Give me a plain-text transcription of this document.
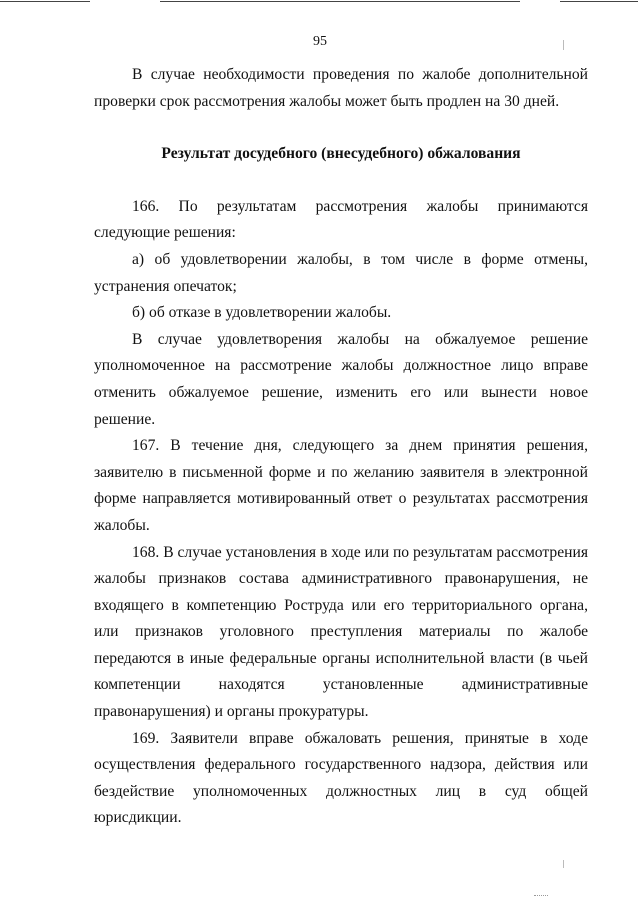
95

В случае необходимости проведения по жалобе дополнительной проверки срок рассмотрения жалобы может быть продлен на 30 дней.

Результат досудебного (внесудебного) обжалования

166. По результатам рассмотрения жалобы принимаются следующие решения:

а) об удовлетворении жалобы, в том числе в форме отмены, устранения опечаток;

б) об отказе в удовлетворении жалобы.

В случае удовлетворения жалобы на обжалуемое решение уполномоченное на рассмотрение жалобы должностное лицо вправе отменить обжалуемое решение, изменить его или вынести новое решение.

167. В течение дня, следующего за днем принятия решения, заявителю в письменной форме и по желанию заявителя в электронной форме направляется мотивированный ответ о результатах рассмотрения жалобы.

168. В случае установления в ходе или по результатам рассмотрения жалобы признаков состава административного правонарушения, не входящего в компетенцию Роструда или его территориального органа, или признаков уголовного преступления материалы по жалобе передаются в иные федеральные органы исполнительной власти (в чьей компетенции находятся установленные административные правонарушения) и органы прокуратуры.

169. Заявители вправе обжаловать решения, принятые в ходе осуществления федерального государственного надзора, действия или бездействие уполномоченных должностных лиц в суд общей юрисдикции.
